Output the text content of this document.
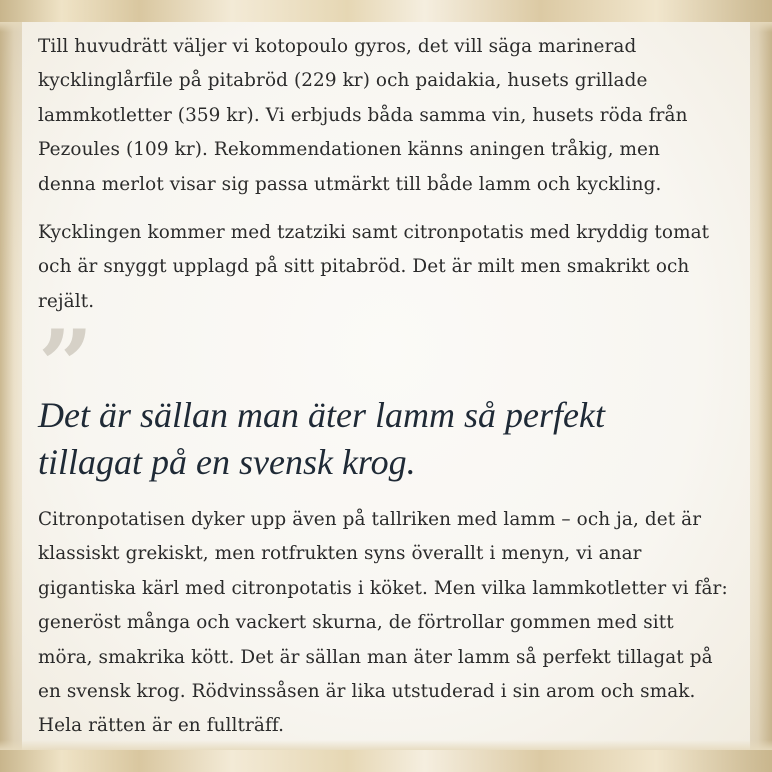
Till huvudrätt väljer vi kotopoulo gyros, det vill säga marinerad
kycklinglårfile på pitabröd (229 kr) och paidakia, husets grillade
lammkotletter (359 kr). Vi erbjuds båda samma vin, husets röda från
Pezoules (109 kr). Rekommendationen känns aningen tråkig, men
denna merlot visar sig passa utmärkt till både lamm och kyckling.

Kycklingen kommer med tzatziki samt citronpotatis med kryddig tomat
och är snyggt upplagd på sitt pitabröd. Det är milt men smakrikt och
rejält.

”

Det är sällan man äter lamm så perfekt
tillagat på en svensk krog.

Citronpotatisen dyker upp även på tallriken med lamm – och ja, det är
klassiskt grekiskt, men rotfrukten syns överallt i menyn, vi anar
gigantiska kärl med citronpotatis i köket. Men vilka lammkotletter vi får:
generöst många och vackert skurna, de förtrollar gommen med sitt
möra, smakrika kött. Det är sällan man äter lamm så perfekt tillagat på
en svensk krog. Rödvinssåsen är lika utstuderad i sin arom och smak.
Hela rätten är en fullträff.
